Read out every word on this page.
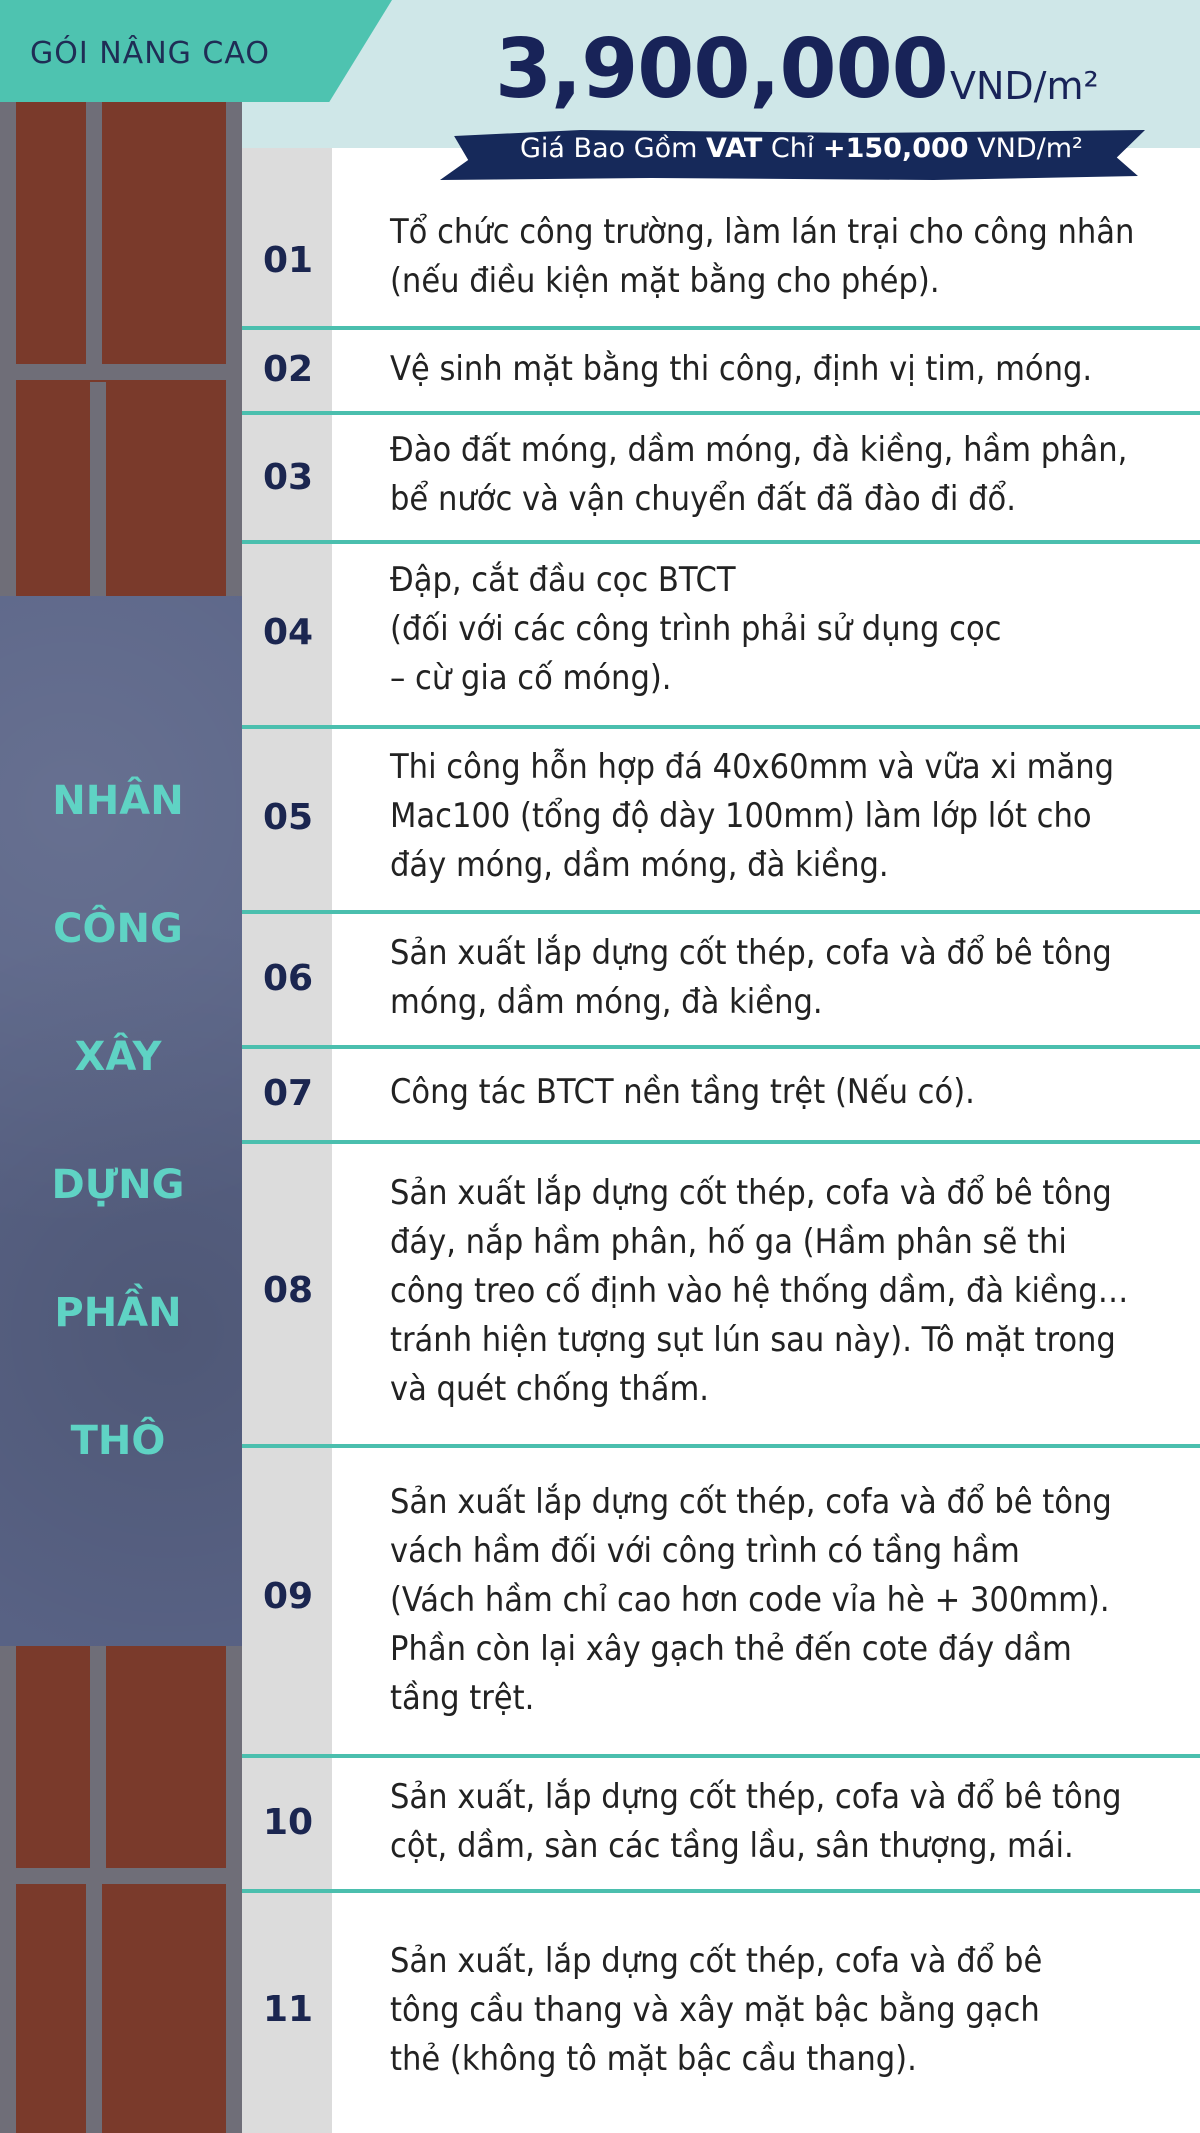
GÓI NÂNG CAO	3,900,000 VND/m²
Giá Bao Gồm VAT Chỉ +150,000 VND/m²
NHÂN
CÔNG
XÂY
DỰNG
PHẦN
THÔ
01
Tổ chức công trường, làm lán trại cho công nhân
(nếu điều kiện mặt bằng cho phép).
02	Vệ sinh mặt bằng thi công, định vị tim, móng.
03
Đào đất móng, dầm móng, đà kiềng, hầm phân,
bể nước và vận chuyển đất đã đào đi đổ.
04
Đập, cắt đầu cọc BTCT
(đối với các công trình phải sử dụng cọc
– cừ gia cố móng).
05
Thi công hỗn hợp đá 40x60mm và vữa xi măng
Mac100 (tổng độ dày 100mm) làm lớp lót cho
đáy móng, dầm móng, đà kiềng.
06
Sản xuất lắp dựng cốt thép, cofa và đổ bê tông
móng, dầm móng, đà kiềng.
07	Công tác BTCT nền tầng trệt (Nếu có).
08
Sản xuất lắp dựng cốt thép, cofa và đổ bê tông
đáy, nắp hầm phân, hố ga (Hầm phân sẽ thi
công treo cố định vào hệ thống dầm, đà kiềng…
tránh hiện tượng sụt lún sau này). Tô mặt trong
và quét chống thấm.
09
Sản xuất lắp dựng cốt thép, cofa và đổ bê tông
vách hầm đối với công trình có tầng hầm
(Vách hầm chỉ cao hơn code vỉa hè + 300mm).
Phần còn lại xây gạch thẻ đến cote đáy dầm
tầng trệt.
10
Sản xuất, lắp dựng cốt thép, cofa và đổ bê tông
cột, dầm, sàn các tầng lầu, sân thượng, mái.
11
Sản xuất, lắp dựng cốt thép, cofa và đổ bê
tông cầu thang và xây mặt bậc bằng gạch
thẻ (không tô mặt bậc cầu thang).
